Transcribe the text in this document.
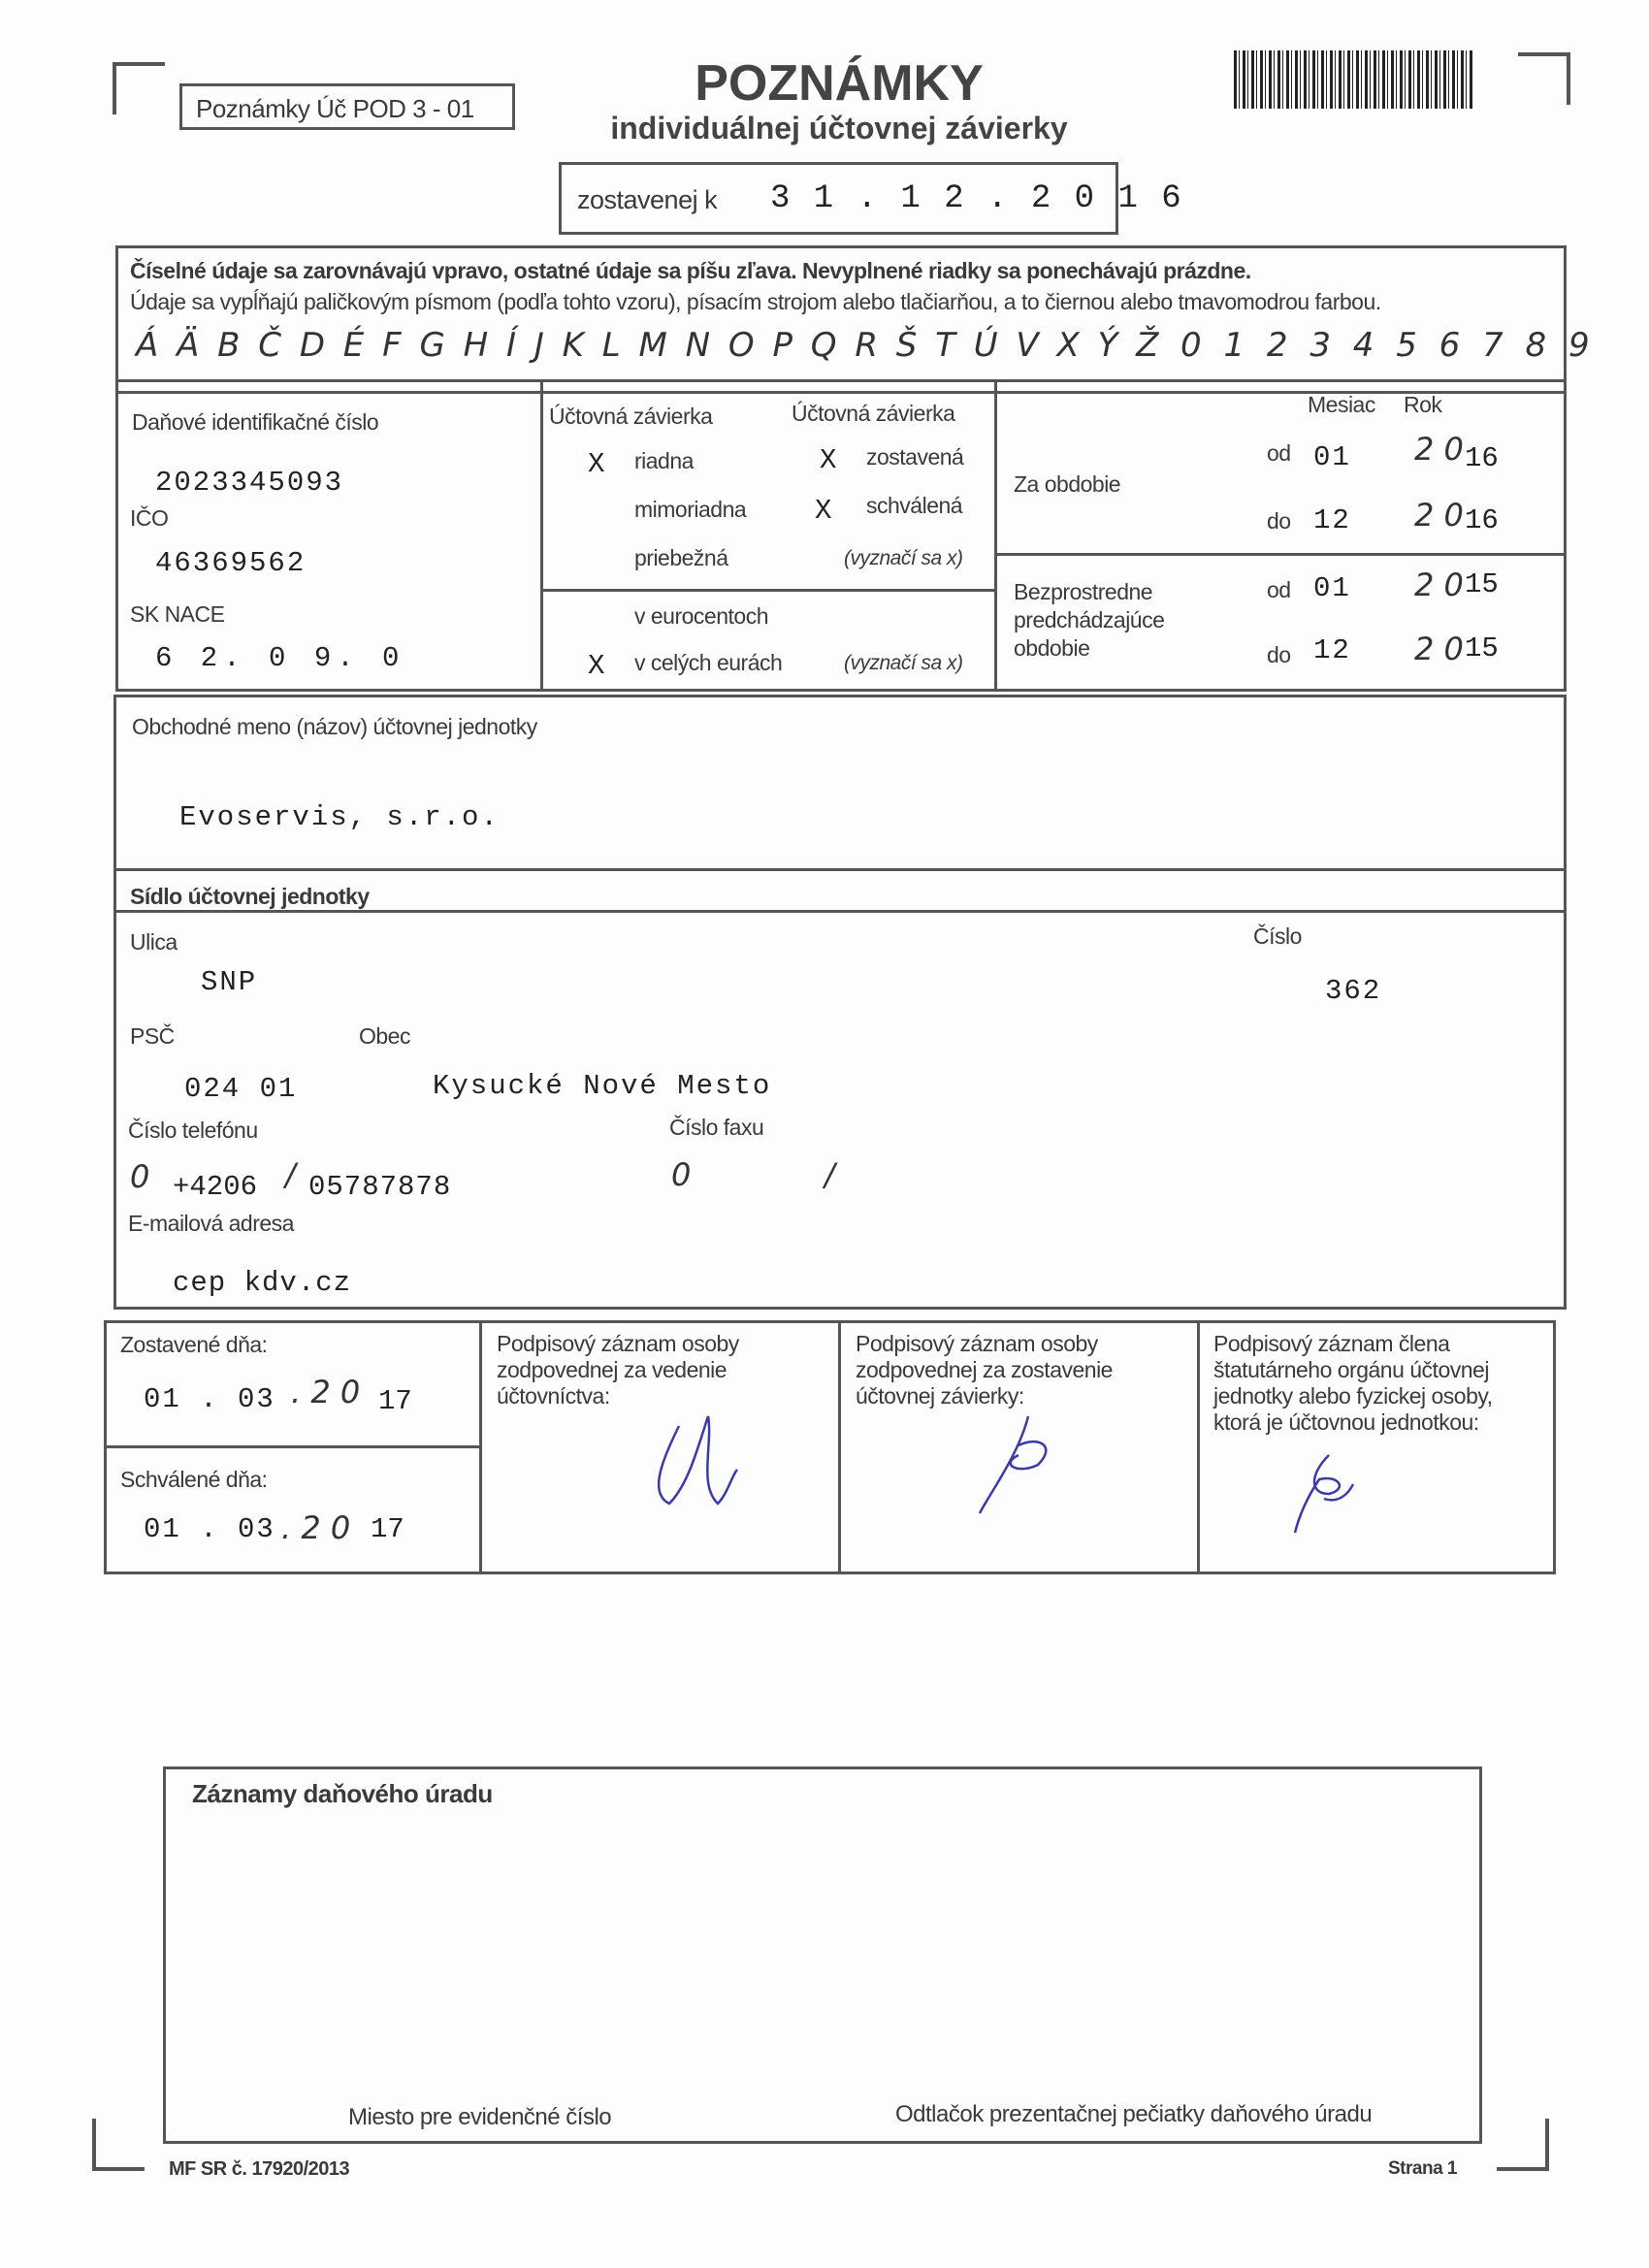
Poznámky Úč POD 3 - 01	POZNÁMKY
individuálnej účtovnej závierky
zostavenej k 3 1 . 1 2 . 2 0 1 6
Číselné údaje sa zarovnávajú vpravo, ostatné údaje sa píšu zľava. Nevyplnené riadky sa ponechávajú prázdne.
Údaje sa vypĺňajú paličkovým písmom (podľa tohto vzoru), písacím strojom alebo tlačiarňou, a to čiernou alebo tmavomodrou farbou.
Á Ä B Č D É F G H Í J K L M N O P Q R Š T Ú V X Ý Ž 0 1 2 3 4 5 6 7 8 9
Daňové identifikačné číslo
2023345093
IČO
46369562
SK NACE
6 2. 0 9. 0
Účtovná závierka	Účtovná závierka
X riadna	X zostavená
mimoriadna X schválená
priebežná	(vyznačí sa x)
v eurocentoch
X v celých eurách	(vyznačí sa x)
Mesiac Rok
Za obdobie
od 01 2 0 16
do 12 2 0 16
Bezprostredne
predchádzajúce
obdobie
od 01 2 0 15
do 12 2 0 15
Obchodné meno (názov) účtovnej jednotky
Evoservis, s.r.o.
Sídlo účtovnej jednotky
Ulica
SNP
Číslo
362
PSČ	Obec
024 01	Kysucké Nové Mesto
Číslo telefónu	Číslo faxu
0 +4206 / 05787878	0	/
E-mailová adresa
cep kdv.cz
Zostavené dňa:
01 . 03 . 2 0 17
Schválené dňa:
01 . 03 . 2 0 17
Podpisový záznam osoby zodpovednej za vedenie účtovníctva:
Podpisový záznam osoby zodpovednej za zostavenie účtovnej závierky:
Podpisový záznam člena štatutárneho orgánu účtovnej jednotky alebo fyzickej osoby, ktorá je účtovnou jednotkou:
Záznamy daňového úradu
Miesto pre evidenčné číslo	Odtlačok prezentačnej pečiatky daňového úradu
MF SR č. 17920/2013	Strana 1
